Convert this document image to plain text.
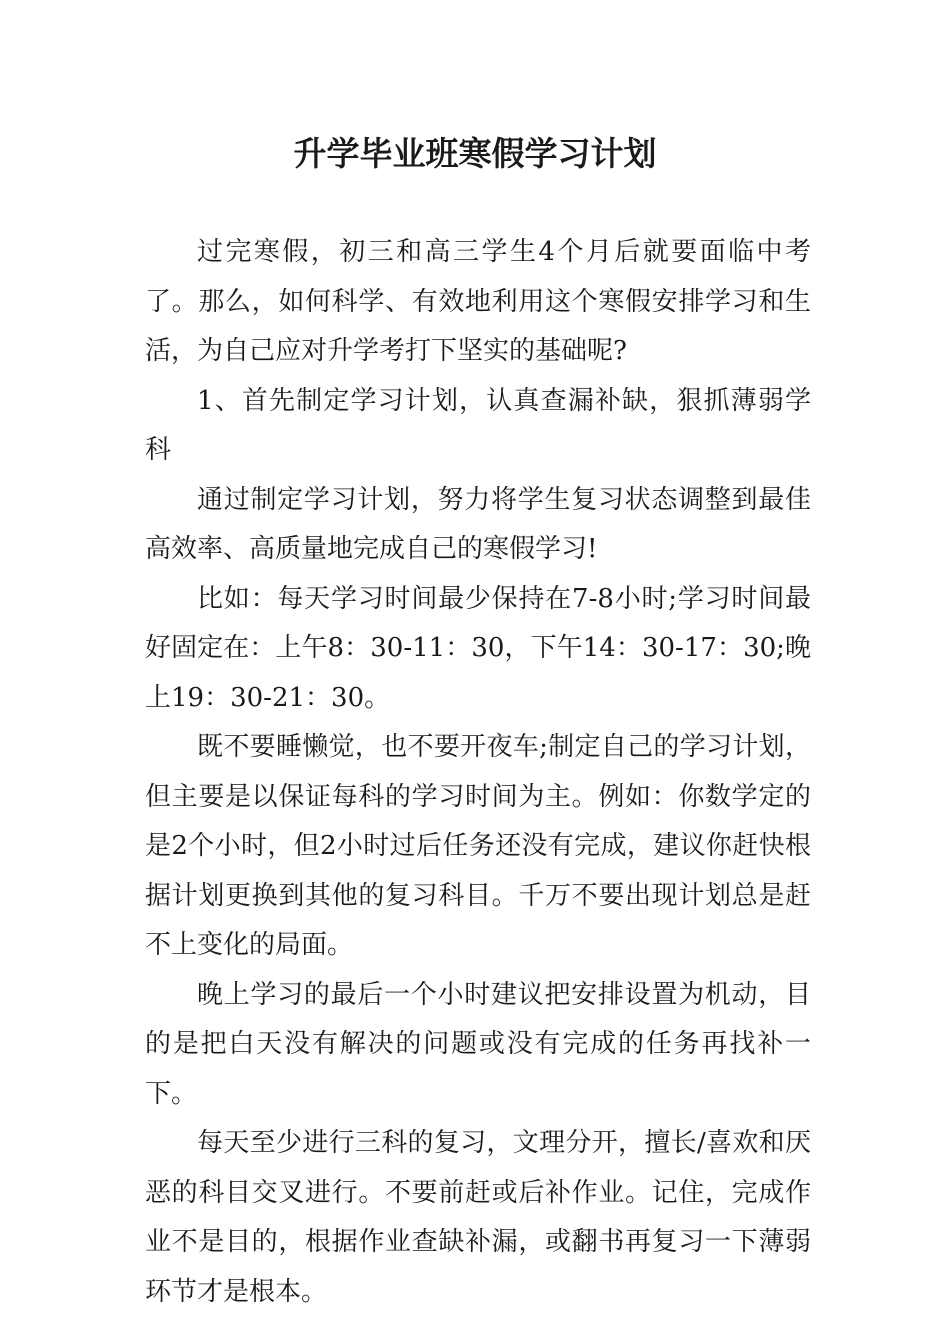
升学毕业班寒假学习计划

过完寒假，初三和高三学生4个月后就要面临中考了。那么，如何科学、有效地利用这个寒假安排学习和生活，为自己应对升学考打下坚实的基础呢?

1、首先制定学习计划，认真查漏补缺，狠抓薄弱学科

通过制定学习计划，努力将学生复习状态调整到最佳高效率、高质量地完成自己的寒假学习!

比如：每天学习时间最少保持在7-8小时;学习时间最好固定在：上午8：30-11：30，下午14：30-17：30;晚上19：30-21：30。

既不要睡懒觉，也不要开夜车;制定自己的学习计划，但主要是以保证每科的学习时间为主。例如：你数学定的是2个小时，但2小时过后任务还没有完成，建议你赶快根据计划更换到其他的复习科目。千万不要出现计划总是赶不上变化的局面。

晚上学习的最后一个小时建议把安排设置为机动，目的是把白天没有解决的问题或没有完成的任务再找补一下。

每天至少进行三科的复习，文理分开，擅长/喜欢和厌恶的科目交叉进行。不要前赶或后补作业。记住，完成作业不是目的，根据作业查缺补漏，或翻书再复习一下薄弱环节才是根本。
